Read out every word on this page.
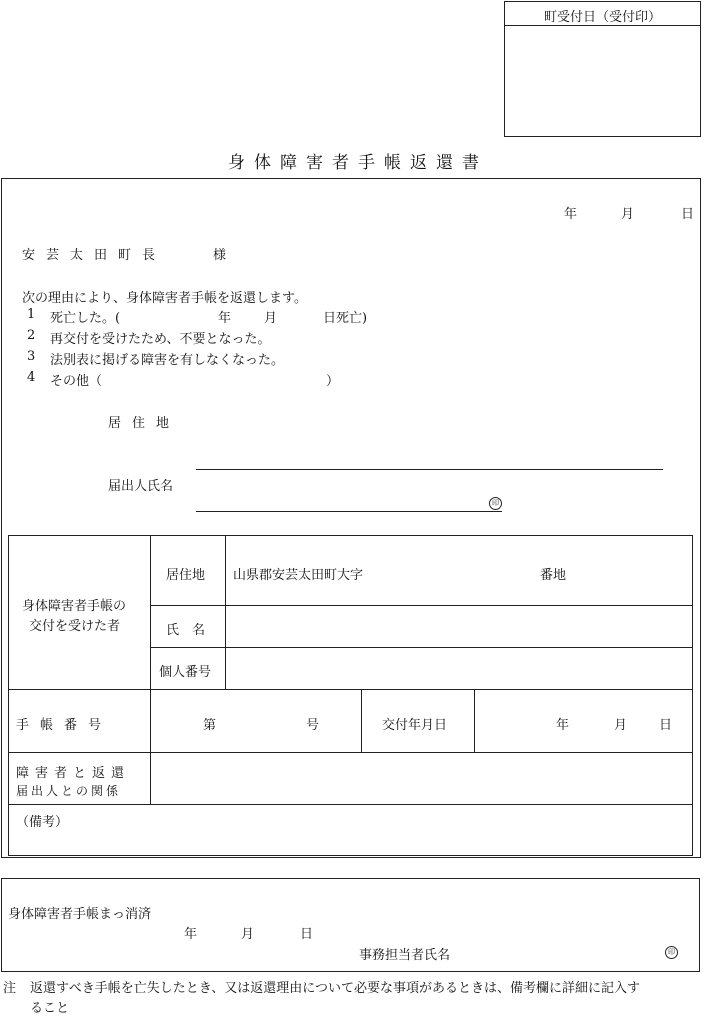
町受付日（受付印）
身体障害者手帳返還書
年	月	日
安芸太田町長	様
次の理由により、身体障害者手帳を返還します。
1 死亡した。(	年	月	日死亡)
2 再交付を受けたため、不要となった。
3 法別表に掲げる障害を有しなくなった。
4 その他（	）
居住地
届出人氏名
印
身体障害者手帳の
交付を受けた者
居住地 山県郡安芸太田町大字	番地
氏　名
個人番号
手帳番号	第	号	交付年月日	年	月 日
障害者と返還
届出人との関係
（備考）
身体障害者手帳まっ消済
年	月	日
事務担当者氏名	印
注 返還すべき手帳を亡失したとき、又は返還理由について必要な事項があるときは、備考欄に詳細に記入す
ること
